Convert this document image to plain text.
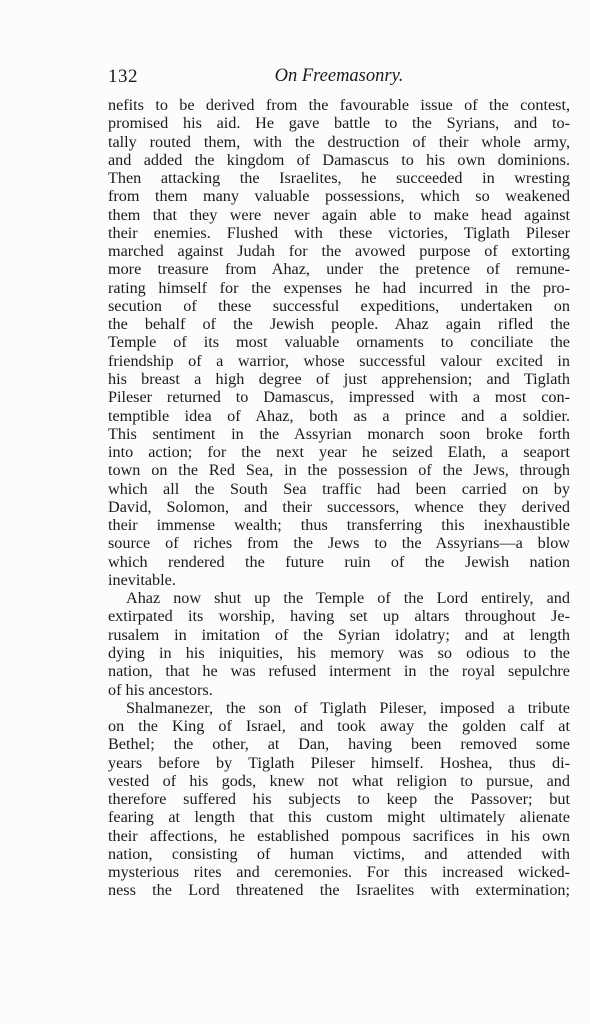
132	On Freemasonry.
nefits to be derived from the favourable issue of the contest,
promised his aid. He gave battle to the Syrians, and to-
tally routed them, with the destruction of their whole army,
and added the kingdom of Damascus to his own dominions.
Then attacking the Israelites, he succeeded in wresting
from them many valuable possessions, which so weakened
them that they were never again able to make head against
their enemies. Flushed with these victories, Tiglath Pileser
marched against Judah for the avowed purpose of extorting
more treasure from Ahaz, under the pretence of remune-
rating himself for the expenses he had incurred in the pro-
secution of these successful expeditions, undertaken on
the behalf of the Jewish people. Ahaz again rifled the
Temple of its most valuable ornaments to conciliate the
friendship of a warrior, whose successful valour excited in
his breast a high degree of just apprehension; and Tiglath
Pileser returned to Damascus, impressed with a most con-
temptible idea of Ahaz, both as a prince and a soldier.
This sentiment in the Assyrian monarch soon broke forth
into action; for the next year he seized Elath, a seaport
town on the Red Sea, in the possession of the Jews, through
which all the South Sea traffic had been carried on by
David, Solomon, and their successors, whence they derived
their immense wealth; thus transferring this inexhaustible
source of riches from the Jews to the Assyrians—a blow
which rendered the future ruin of the Jewish nation
inevitable.
Ahaz now shut up the Temple of the Lord entirely, and
extirpated its worship, having set up altars throughout Je-
rusalem in imitation of the Syrian idolatry; and at length
dying in his iniquities, his memory was so odious to the
nation, that he was refused interment in the royal sepulchre
of his ancestors.
Shalmanezer, the son of Tiglath Pileser, imposed a tribute
on the King of Israel, and took away the golden calf at
Bethel; the other, at Dan, having been removed some
years before by Tiglath Pileser himself. Hoshea, thus di-
vested of his gods, knew not what religion to pursue, and
therefore suffered his subjects to keep the Passover; but
fearing at length that this custom might ultimately alienate
their affections, he established pompous sacrifices in his own
nation, consisting of human victims, and attended with
mysterious rites and ceremonies. For this increased wicked-
ness the Lord threatened the Israelites with extermination;
